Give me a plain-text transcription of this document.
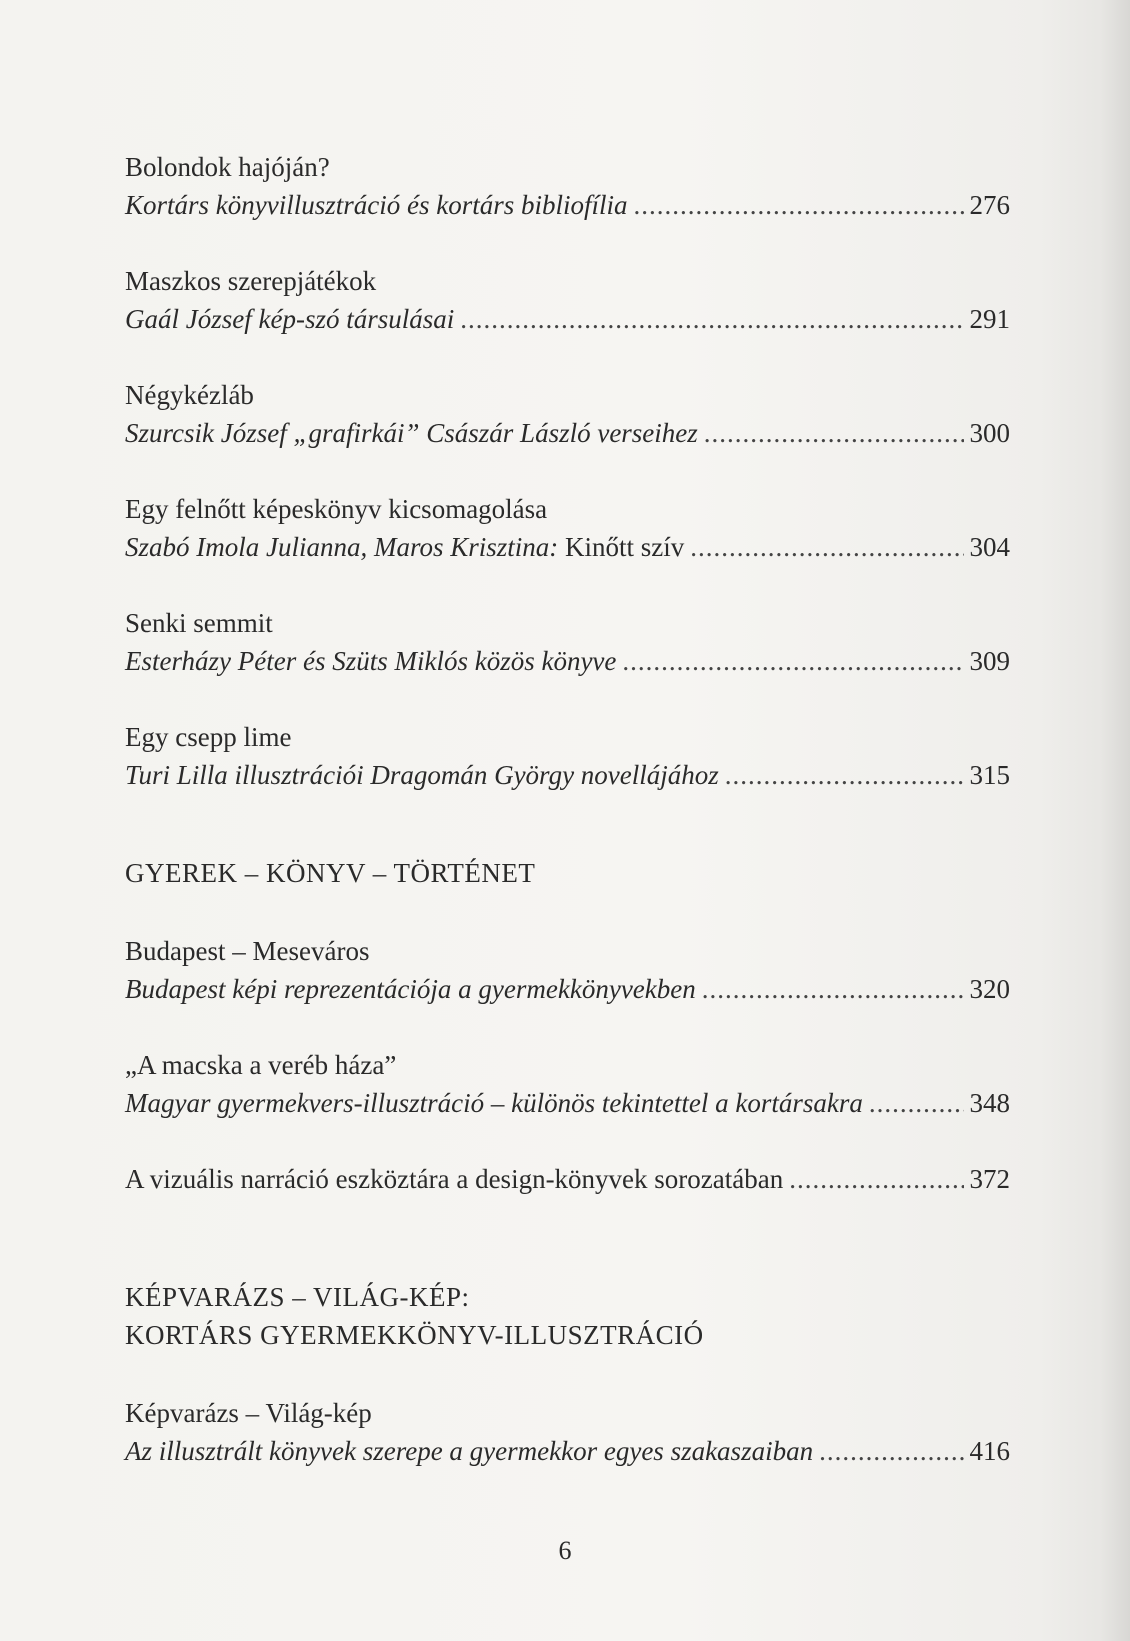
Bolondok hajóján?
Kortárs könyvillusztráció és kortárs bibliofília .....	276
Maszkos szerepjátékok
Gaál József kép-szó társulásai .....	291
Négykézláb
Szurcsik József „grafirkái” Császár László verseihez .....	300
Egy felnőtt képeskönyv kicsomagolása
Szabó Imola Julianna, Maros Krisztina: Kinőtt szív .....	304
Senki semmit
Esterházy Péter és Szüts Miklós közös könyve .....	309
Egy csepp lime
Turi Lilla illusztrációi Dragomán György novellájához .....	315
GYEREK – KÖNYV – TÖRTÉNET
Budapest – Meseváros
Budapest képi reprezentációja a gyermekkönyvekben .....	320
„A macska a veréb háza”
Magyar gyermekvers-illusztráció – különös tekintettel a kortársakra .....	348
A vizuális narráció eszköztára a design-könyvek sorozatában .....	372
KÉPVARÁZS – VILÁG-KÉP:
KORTÁRS GYERMEKKÖNYV-ILLUSZTRÁCIÓ
Képvarázs – Világ-kép
Az illusztrált könyvek szerepe a gyermekkor egyes szakaszaiban .....	416
6
